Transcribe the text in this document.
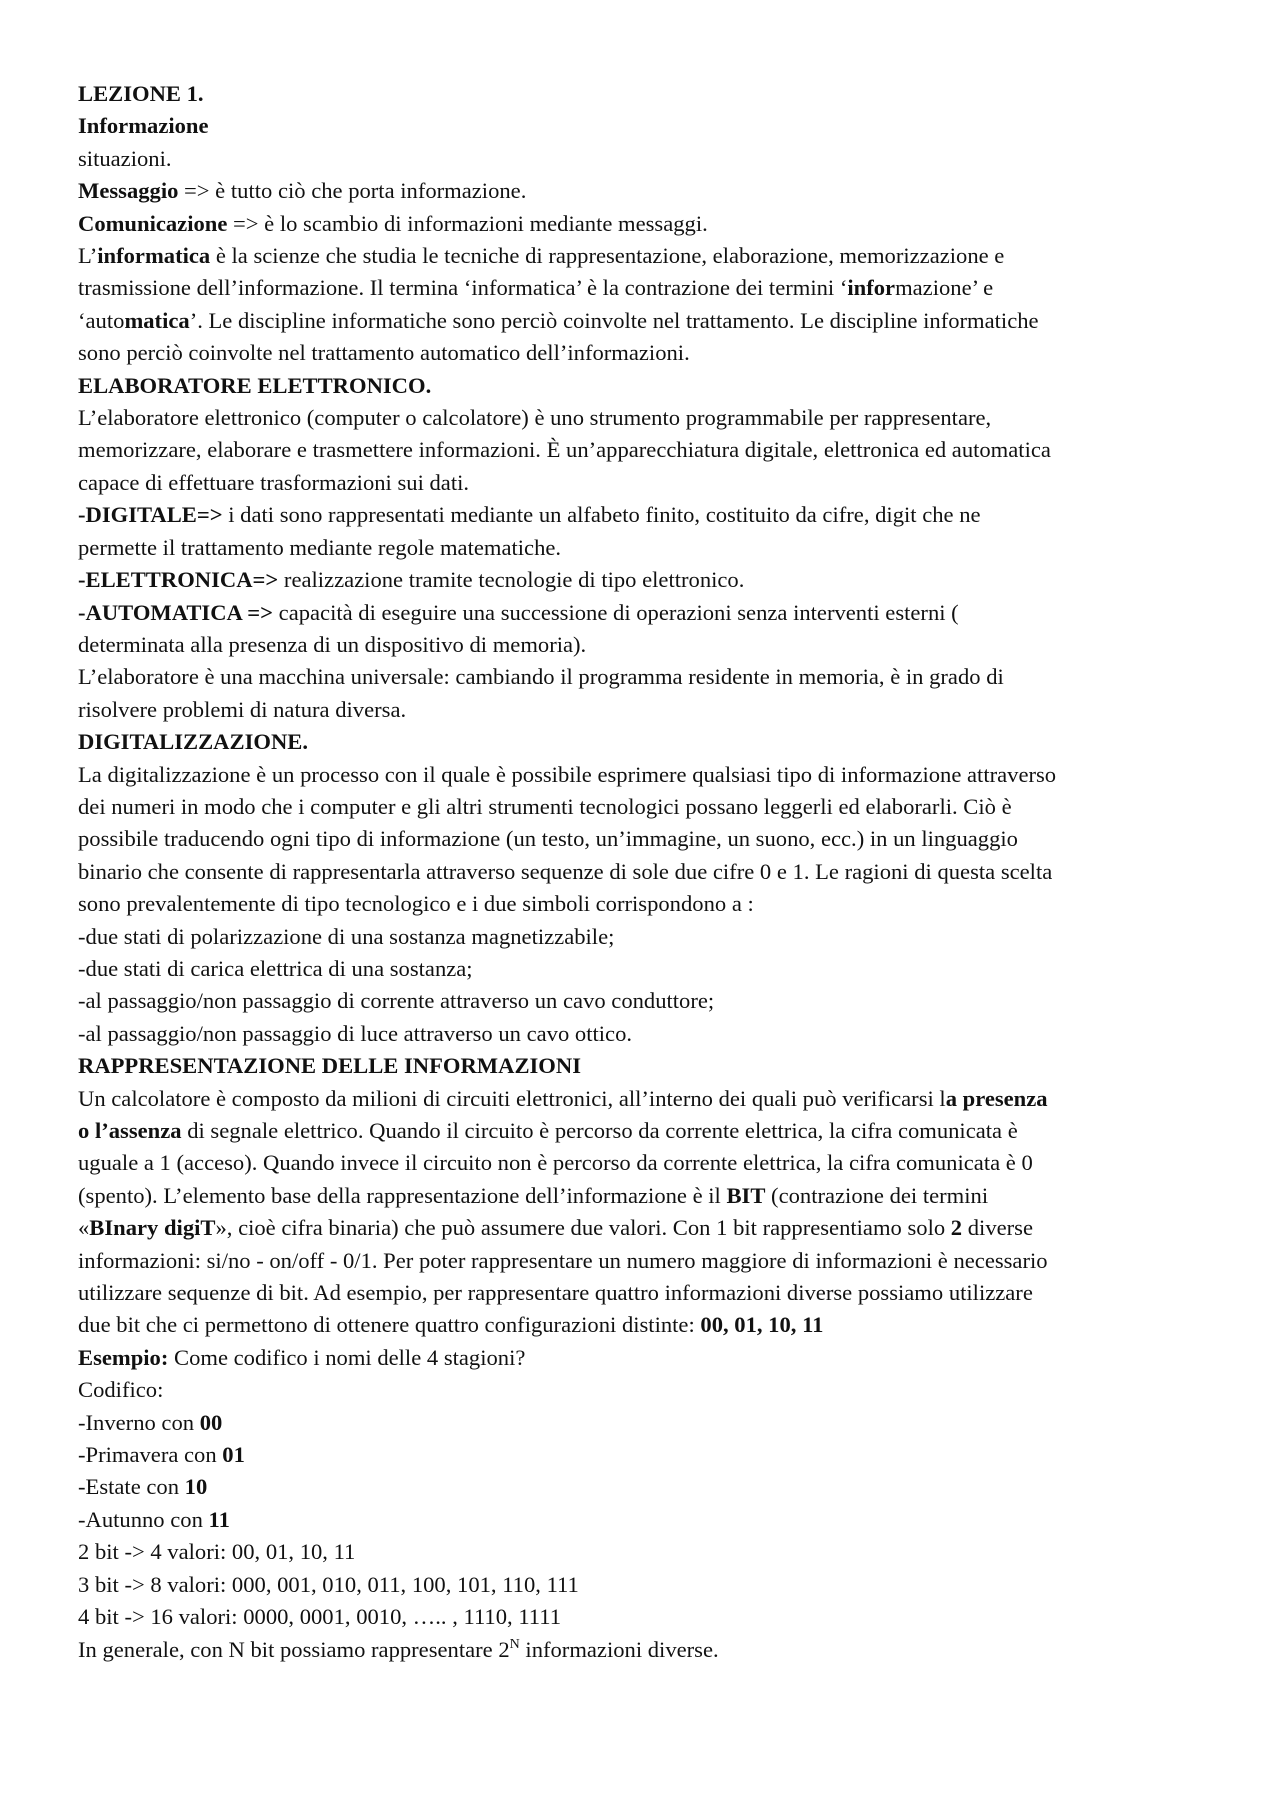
LEZIONE 1.
Informazione
situazioni.
Messaggio => è tutto ciò che porta informazione.
Comunicazione => è lo scambio di informazioni mediante messaggi.
L’informatica è la scienze che studia le tecniche di rappresentazione, elaborazione, memorizzazione e
trasmissione dell’informazione. Il termina ‘informatica’ è la contrazione dei termini ‘informazione’ e
‘automatica’. Le discipline informatiche sono perciò coinvolte nel trattamento. Le discipline informatiche
sono perciò coinvolte nel trattamento automatico dell’informazioni.
ELABORATORE ELETTRONICO.
L’elaboratore elettronico (computer o calcolatore) è uno strumento programmabile per rappresentare,
memorizzare, elaborare e trasmettere informazioni. È un’apparecchiatura digitale, elettronica ed automatica
capace di effettuare trasformazioni sui dati.
-DIGITALE=> i dati sono rappresentati mediante un alfabeto finito, costituito da cifre, digit che ne
permette il trattamento mediante regole matematiche.
-ELETTRONICA=> realizzazione tramite tecnologie di tipo elettronico.
-AUTOMATICA => capacità di eseguire una successione di operazioni senza interventi esterni (
determinata alla presenza di un dispositivo di memoria).
L’elaboratore è una macchina universale: cambiando il programma residente in memoria, è in grado di
risolvere problemi di natura diversa.
DIGITALIZZAZIONE.
La digitalizzazione è un processo con il quale è possibile esprimere qualsiasi tipo di informazione attraverso
dei numeri in modo che i computer e gli altri strumenti tecnologici possano leggerli ed elaborarli. Ciò è
possibile traducendo ogni tipo di informazione (un testo, un’immagine, un suono, ecc.) in un linguaggio
binario che consente di rappresentarla attraverso sequenze di sole due cifre 0 e 1. Le ragioni di questa scelta
sono prevalentemente di tipo tecnologico e i due simboli corrispondono a :
-due stati di polarizzazione di una sostanza magnetizzabile;
-due stati di carica elettrica di una sostanza;
-al passaggio/non passaggio di corrente attraverso un cavo conduttore;
-al passaggio/non passaggio di luce attraverso un cavo ottico.
RAPPRESENTAZIONE DELLE INFORMAZIONI
Un calcolatore è composto da milioni di circuiti elettronici, all’interno dei quali può verificarsi la presenza
o l’assenza di segnale elettrico. Quando il circuito è percorso da corrente elettrica, la cifra comunicata è
uguale a 1 (acceso). Quando invece il circuito non è percorso da corrente elettrica, la cifra comunicata è 0
(spento). L’elemento base della rappresentazione dell’informazione è il BIT (contrazione dei termini
«BInary digiT», cioè cifra binaria) che può assumere due valori. Con 1 bit rappresentiamo solo 2 diverse
informazioni: si/no - on/off - 0/1. Per poter rappresentare un numero maggiore di informazioni è necessario
utilizzare sequenze di bit. Ad esempio, per rappresentare quattro informazioni diverse possiamo utilizzare
due bit che ci permettono di ottenere quattro configurazioni distinte: 00, 01, 10, 11
Esempio: Come codifico i nomi delle 4 stagioni?
Codifico:
-Inverno con 00
-Primavera con 01
-Estate con 10
-Autunno con 11
2 bit -> 4 valori: 00, 01, 10, 11
3 bit -> 8 valori: 000, 001, 010, 011, 100, 101, 110, 111
4 bit -> 16 valori: 0000, 0001, 0010, ….. , 1110, 1111
In generale, con N bit possiamo rappresentare $2^N$ informazioni diverse.
